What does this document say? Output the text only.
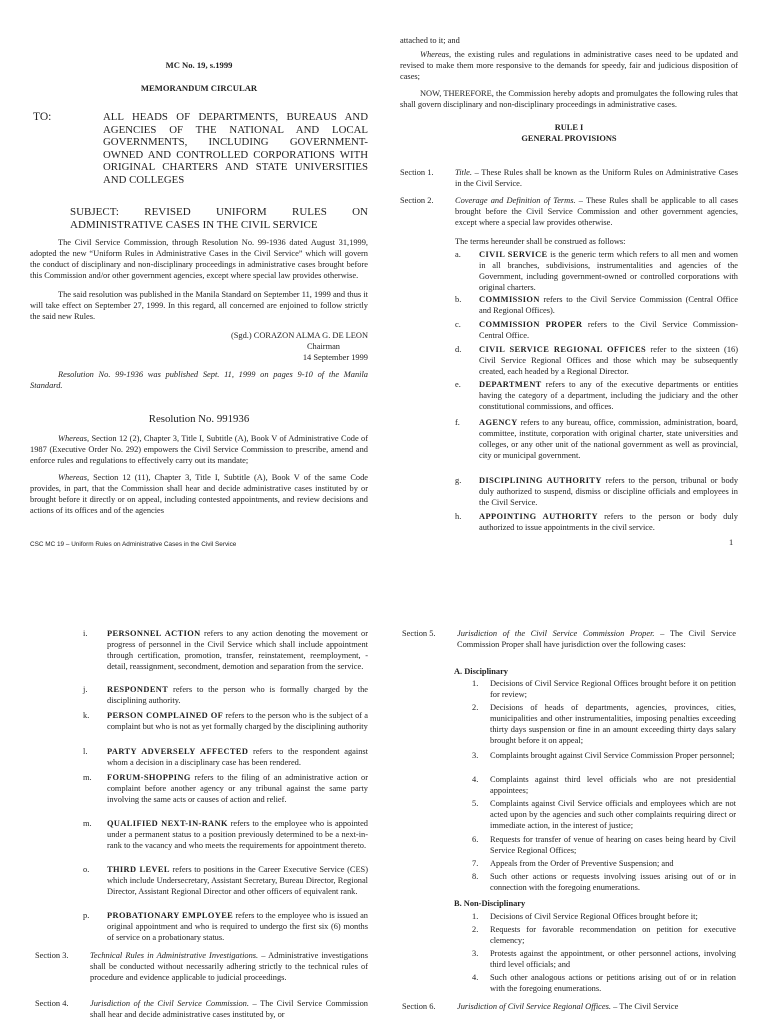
MC No. 19, s.1999

MEMORANDUM CIRCULAR

TO:	ALL HEADS OF DEPARTMENTS, BUREAUS AND AGENCIES OF THE NATIONAL AND LOCAL GOVERNMENTS, INCLUDING GOVERNMENT-OWNED AND CONTROLLED CORPORATIONS WITH ORIGINAL CHARTERS AND STATE UNIVERSITIES AND COLLEGES

SUBJECT: REVISED UNIFORM RULES ON ADMINISTRATIVE CASES IN THE CIVIL SERVICE

The Civil Service Commission, through Resolution No. 99-1936 dated August 31,1999, adopted the new “Uniform Rules in Administrative Cases in the Civil Service” which will govern the conduct of disciplinary and non-disciplinary proceedings in administrative cases brought before this Commission and/or other government agencies, except where special law provides otherwise.

The said resolution was published in the Manila Standard on September 11, 1999 and thus it will take effect on September 27, 1999. In this regard, all concerned are enjoined to follow strictly the said new Rules.

(Sgd.) CORAZON ALMA G. DE LEON

Chairman

14 September 1999

Resolution No. 99-1936 was published Sept. 11, 1999 on pages 9-10 of the Manila Standard.

Resolution No. 991936

Whereas, Section 12 (2), Chapter 3, Title I, Subtitle (A), Book V of Administrative Code of 1987 (Executive Order No. 292) empowers the Civil Service Commission to prescribe, amend and enforce rules and regulations to effectively carry out its mandate;

Whereas, Section 12 (11), Chapter 3, Title I, Subtitle (A), Book V of the same Code provides, in part, that the Commission shall hear and decide administrative cases instituted by or brought before it directly or on appeal, including contested appointments, and review decisions and actions of its offices and of the agencies

CSC MC 19 – Uniform Rules on Administrative Cases in the Civil Service

attached to it; and

Whereas, the existing rules and regulations in administrative cases need to be updated and revised to make them more responsive to the demands for speedy, fair and judicious disposition of cases;

NOW, THEREFORE, the Commission hereby adopts and promulgates the following rules that shall govern disciplinary and non-disciplinary proceedings in administrative cases.

RULE I

GENERAL PROVISIONS

Section 1.	Title. – These Rules shall be known as the Uniform Rules on Administrative Cases in the Civil Service.
Section 2.	Coverage and Definition of Terms. – These Rules shall be applicable to all cases brought before the Civil Service Commission and other government agencies, except where a special law provides otherwise.

The terms hereunder shall be construed as follows:

a. CIVIL SERVICE is the generic term which refers to all men and women in all branches, subdivisions, instrumentalities and agencies of the Government, including government-owned or controlled corporations with original charters.
b. COMMISSION refers to the Civil Service Commission (Central Office and Regional Offices).
c. COMMISSION PROPER refers to the Civil Service Commission-Central Office.
d. CIVIL SERVICE REGIONAL OFFICES refer to the sixteen (16) Civil Service Regional Offices and those which may be subsequently created, each headed by a Regional Director.
e. DEPARTMENT refers to any of the executive departments or entities having the category of a department, including the judiciary and the other constitutional commissions, and offices.
f. AGENCY refers to any bureau, office, commission, administration, board, committee, institute, corporation with original charter, state universities and colleges, or any other unit of the national government as well as provincial, city or municipal government.
g. DISCIPLINING AUTHORITY refers to the person, tribunal or body duly authorized to suspend, dismiss or discipline officials and employees in the Civil Service.
h. APPOINTING AUTHORITY refers to the person or body duly authorized to issue appointments in the civil service.
1
i. PERSONNEL ACTION refers to any action denoting the movement or progress of personnel in the Civil Service which shall include appointment through certification, promotion, transfer, reinstatement, reemployment, -detail, reassignment, secondment, demotion and separation from the service.
j. RESPONDENT refers to the person who is formally charged by the disciplining authority.
k. PERSON COMPLAINED OF refers to the person who is the subject of a complaint but who is not as yet formally charged by the disciplining authority
l. PARTY ADVERSELY AFFECTED refers to the respondent against whom a decision in a disciplinary case has been rendered.
m. FORUM-SHOPPING refers to the filing of an administrative action or complaint before another agency or any tribunal against the same party involving the same acts or causes of action and relief.
m. QUALIFIED NEXT-IN-RANK refers to the employee who is appointed under a permanent status to a position previously determined to be a next-in-rank to the vacancy and who meets the requirements for appointment thereto.
o. THIRD LEVEL refers to positions in the Career Executive Service (CES) which include Undersecretary, Assistant Secretary, Bureau Director, Regional Director, Assistant Regional Director and other officers of equivalent rank.
p. PROBATIONARY EMPLOYEE refers to the employee who is issued an original appointment and who is required to undergo the first six (6) months of service on a probationary status.
Section 3.	Technical Rules in Administrative Investigations. – Administrative investigations shall be conducted without necessarily adhering strictly to the technical rules of procedure and evidence applicable to judicial proceedings.
Section 4.	Jurisdiction of the Civil Service Commission. – The Civil Service Commission shall hear and decide administrative cases instituted by, or
Section 5.	Jurisdiction of the Civil Service Commission Proper. – The Civil Service Commission Proper shall have jurisdiction over the following cases:

A. Disciplinary

1. Decisions of Civil Service Regional Offices brought before it on petition for review;
2. Decisions of heads of departments, agencies, provinces, cities, municipalities and other instrumentalities, imposing penalties exceeding thirty days suspension or fine in an amount exceeding thirty days salary brought before it on appeal;
3. Complaints brought against Civil Service Commission Proper personnel;
4. Complaints against third level officials who are not presidential appointees;
5. Complaints against Civil Service officials and employees which are not acted upon by the agencies and such other complaints requiring direct or immediate action, in the interest of justice;
6. Requests for transfer of venue of hearing on cases being heard by Civil Service Regional Offices;
7. Appeals from the Order of Preventive Suspension; and
8. Such other actions or requests involving issues arising out of or in connection with the foregoing enumerations.

B. Non-Disciplinary

1. Decisions of Civil Service Regional Offices brought before it;
2. Requests for favorable recommendation on petition for executive clemency;
3. Protests against the appointment, or other personnel actions, involving third level officials; and
4. Such other analogous actions or petitions arising out of or in relation with the foregoing enumerations.
Section 6.	Jurisdiction of Civil Service Regional Offices. – The Civil Service
